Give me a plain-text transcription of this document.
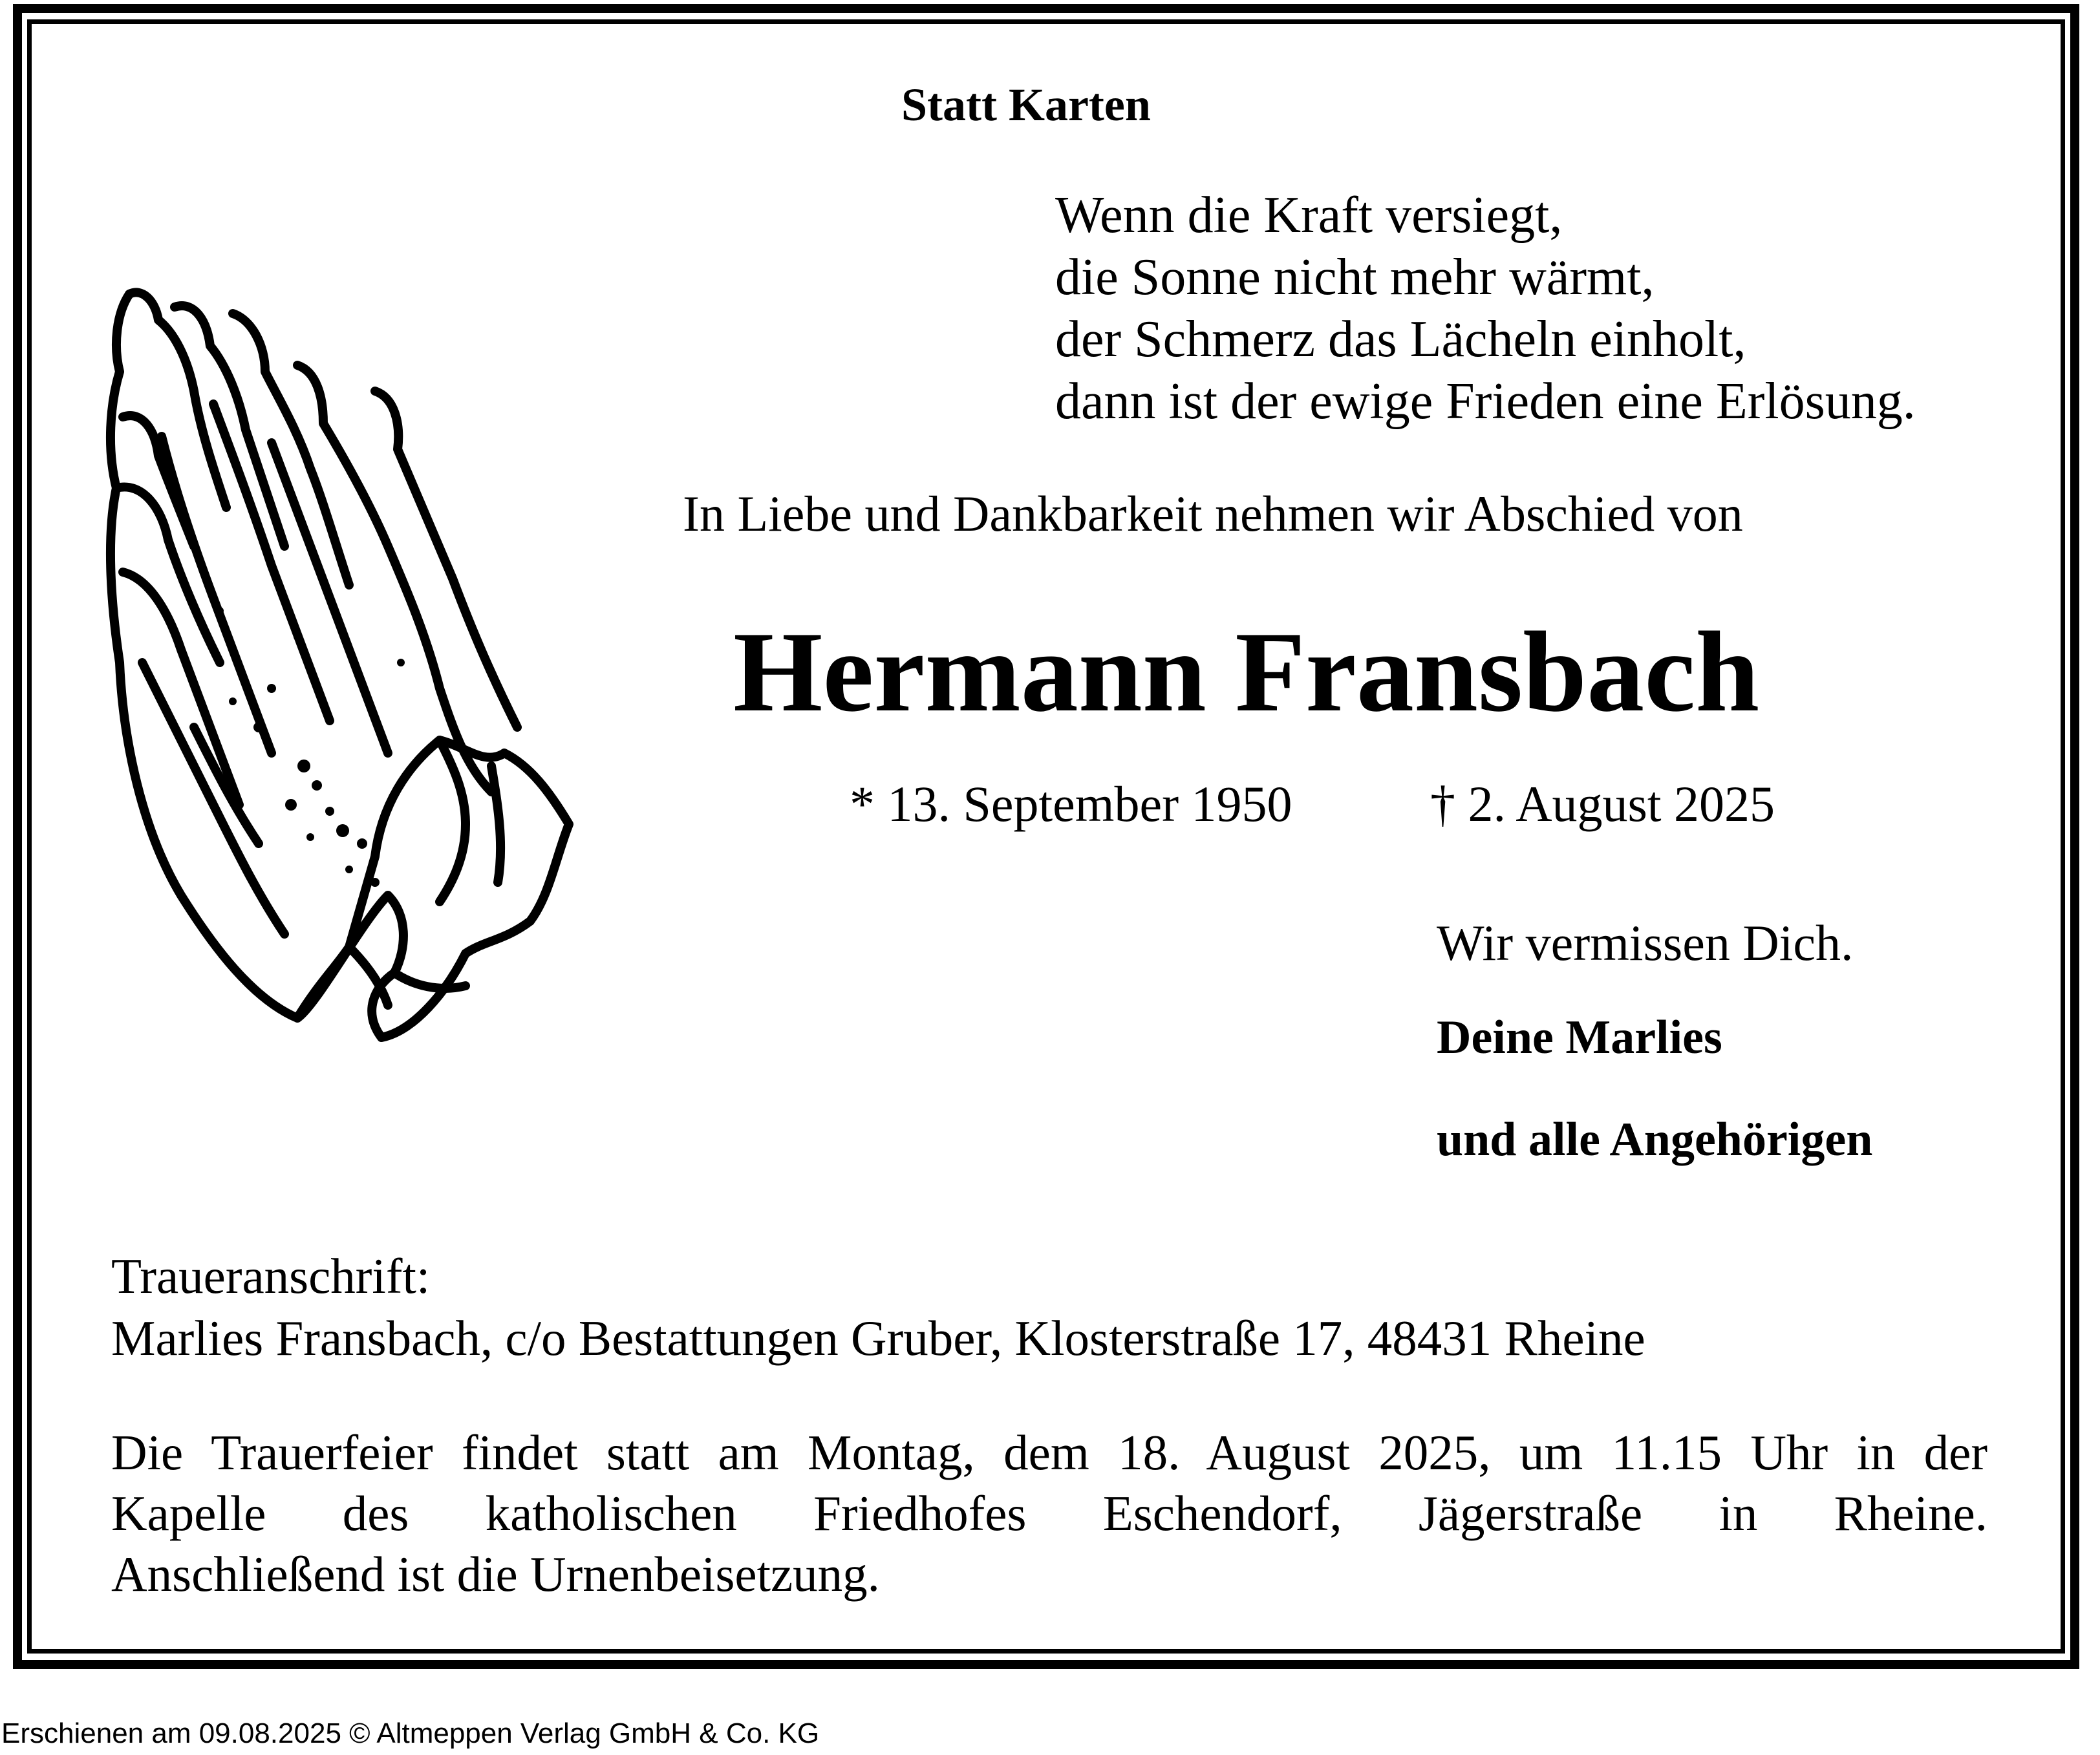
Statt Karten
Wenn die Kraft versiegt,
die Sonne nicht mehr wärmt,
der Schmerz das Lächeln einholt,
dann ist der ewige Frieden eine Erlösung.
In Liebe und Dankbarkeit nehmen wir Abschied von
Hermann Fransbach
* 13. September 1950	† 2. August 2025
Wir vermissen Dich.
Deine Marlies
und alle Angehörigen
Traueranschrift:
Marlies Fransbach, c/o Bestattungen Gruber, Klosterstraße 17, 48431 Rheine
Die Trauerfeier findet statt am Montag, dem 18. August 2025, um 11.15 Uhr in der
Kapelle des katholischen Friedhofes Eschendorf, Jägerstraße in Rheine.
Anschließend ist die Urnenbeisetzung.
Erschienen am 09.08.2025 © Altmeppen Verlag GmbH & Co. KG
